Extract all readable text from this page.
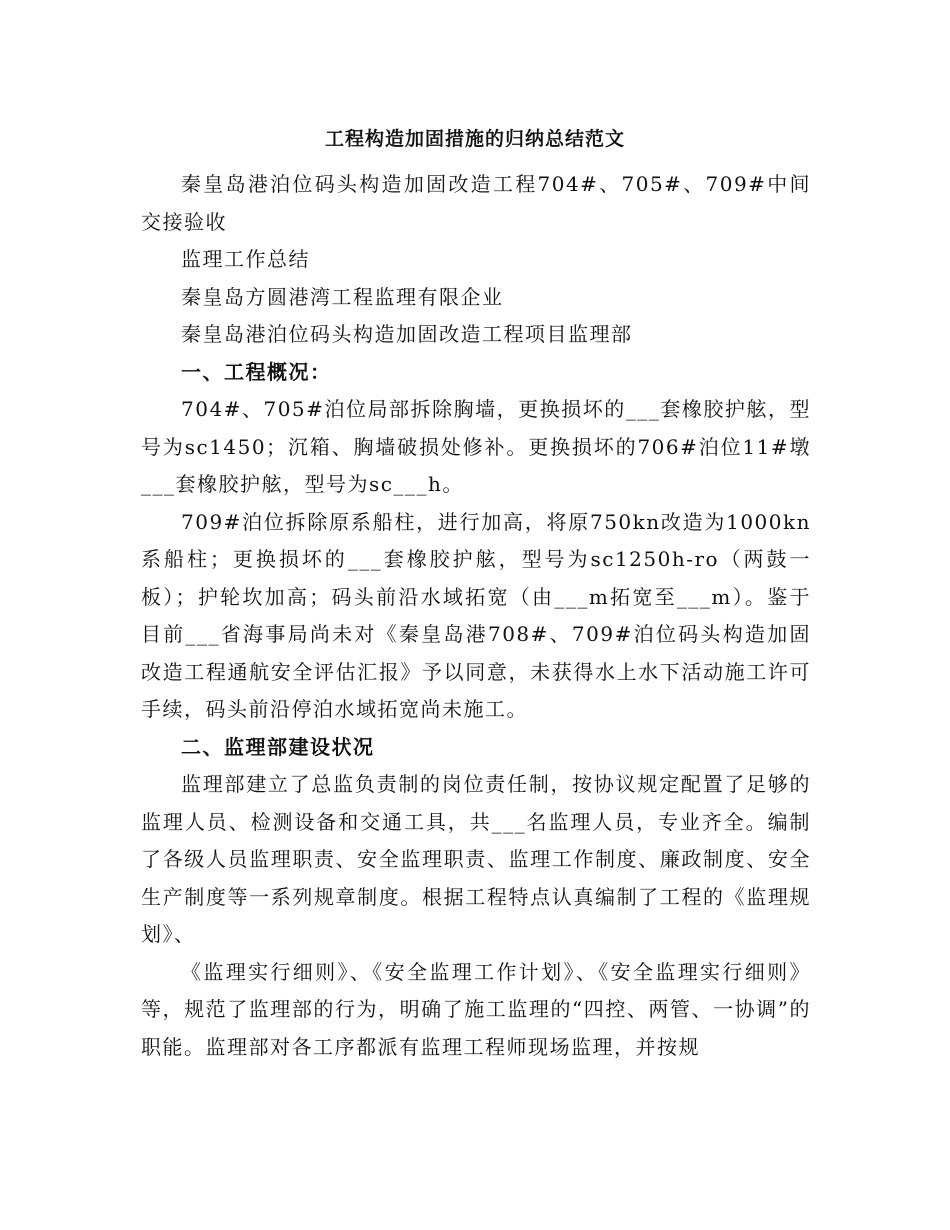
工程构造加固措施的归纳总结范文

秦皇岛港泊位码头构造加固改造工程704#、705#、709#中间交接验收

监理工作总结

秦皇岛方圆港湾工程监理有限企业

秦皇岛港泊位码头构造加固改造工程项目监理部

一、工程概况：

704#、705#泊位局部拆除胸墙，更换损坏的___套橡胶护舷，型号为sc1450；沉箱、胸墙破损处修补。更换损坏的706#泊位11#墩___套橡胶护舷，型号为sc___h。

709#泊位拆除原系船柱，进行加高，将原750kn改造为1000kn系船柱；更换损坏的___套橡胶护舷，型号为sc1250h-ro（两鼓一板）；护轮坎加高；码头前沿水域拓宽（由___m拓宽至___m）。鉴于目前___省海事局尚未对《秦皇岛港708#、709#泊位码头构造加固改造工程通航安全评估汇报》予以同意，未获得水上水下活动施工许可手续，码头前沿停泊水域拓宽尚未施工。

二、监理部建设状况

监理部建立了总监负责制的岗位责任制，按协议规定配置了足够的监理人员、检测设备和交通工具，共___名监理人员，专业齐全。编制了各级人员监理职责、安全监理职责、监理工作制度、廉政制度、安全生产制度等一系列规章制度。根据工程特点认真编制了工程的《监理规划》、

《监理实行细则》、《安全监理工作计划》、《安全监理实行细则》等，规范了监理部的行为，明确了施工监理的“四控、两管、一协调”的职能。监理部对各工序都派有监理工程师现场监理，并按规
